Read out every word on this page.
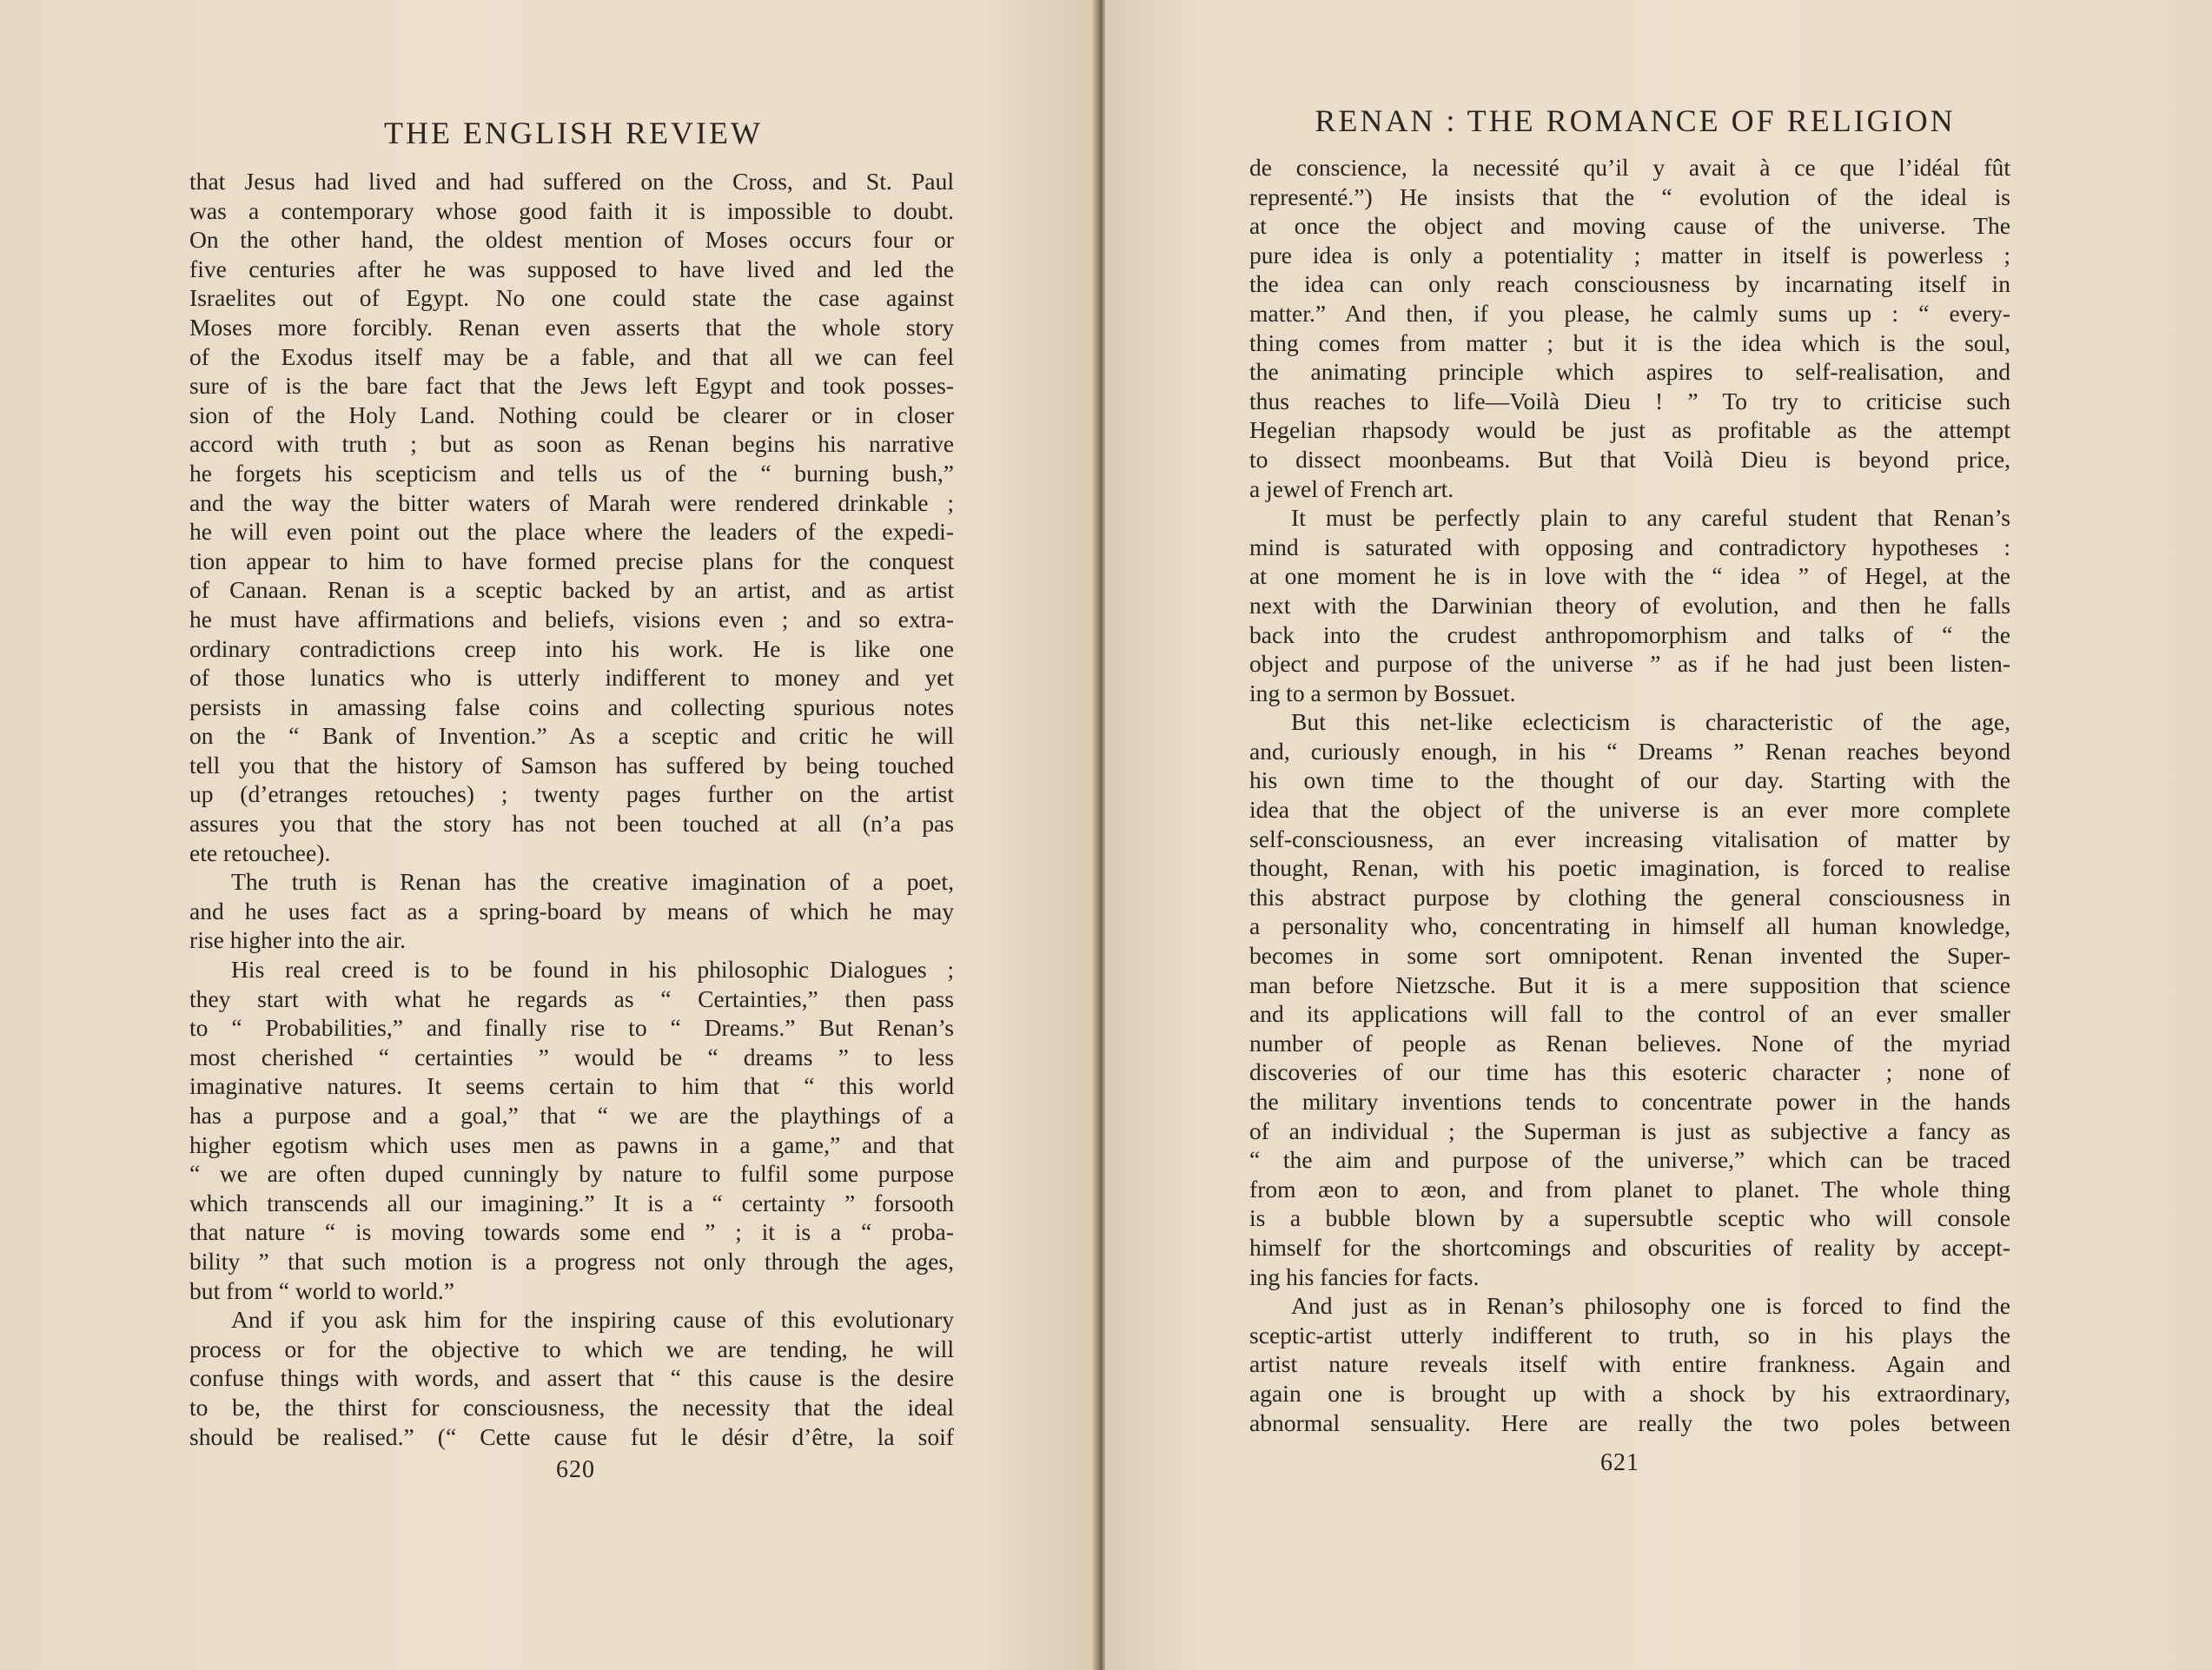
THE ENGLISH REVIEW
that Jesus had lived and had suffered on the Cross, and St. Paul
was a contemporary whose good faith it is impossible to doubt.
On the other hand, the oldest mention of Moses occurs four or
five centuries after he was supposed to have lived and led the
Israelites out of Egypt. No one could state the case against
Moses more forcibly. Renan even asserts that the whole story
of the Exodus itself may be a fable, and that all we can feel
sure of is the bare fact that the Jews left Egypt and took posses-
sion of the Holy Land. Nothing could be clearer or in closer
accord with truth ; but as soon as Renan begins his narrative
he forgets his scepticism and tells us of the “ burning bush,”
and the way the bitter waters of Marah were rendered drinkable ;
he will even point out the place where the leaders of the expedi-
tion appear to him to have formed precise plans for the conquest
of Canaan. Renan is a sceptic backed by an artist, and as artist
he must have affirmations and beliefs, visions even ; and so extra-
ordinary contradictions creep into his work. He is like one
of those lunatics who is utterly indifferent to money and yet
persists in amassing false coins and collecting spurious notes
on the “ Bank of Invention.” As a sceptic and critic he will
tell you that the history of Samson has suffered by being touched
up (d’etranges retouches) ; twenty pages further on the artist
assures you that the story has not been touched at all (n’a pas
ete retouchee).
The truth is Renan has the creative imagination of a poet,
and he uses fact as a spring-board by means of which he may
rise higher into the air.
His real creed is to be found in his philosophic Dialogues ;
they start with what he regards as “ Certainties,” then pass
to “ Probabilities,” and finally rise to “ Dreams.” But Renan’s
most cherished “ certainties ” would be “ dreams ” to less
imaginative natures. It seems certain to him that “ this world
has a purpose and a goal,” that “ we are the playthings of a
higher egotism which uses men as pawns in a game,” and that
“ we are often duped cunningly by nature to fulfil some purpose
which transcends all our imagining.” It is a “ certainty ” forsooth
that nature “ is moving towards some end ” ; it is a “ proba-
bility ” that such motion is a progress not only through the ages,
but from “ world to world.”
And if you ask him for the inspiring cause of this evolutionary
process or for the objective to which we are tending, he will
confuse things with words, and assert that “ this cause is the desire
to be, the thirst for consciousness, the necessity that the ideal
should be realised.” (“ Cette cause fut le désir d’être, la soif
620
RENAN : THE ROMANCE OF RELIGION
de conscience, la necessité qu’il y avait à ce que l’idéal fût
representé.”) He insists that the “ evolution of the ideal is
at once the object and moving cause of the universe. The
pure idea is only a potentiality ; matter in itself is powerless ;
the idea can only reach consciousness by incarnating itself in
matter.” And then, if you please, he calmly sums up : “ every-
thing comes from matter ; but it is the idea which is the soul,
the animating principle which aspires to self-realisation, and
thus reaches to life—Voilà Dieu ! ” To try to criticise such
Hegelian rhapsody would be just as profitable as the attempt
to dissect moonbeams. But that Voilà Dieu is beyond price,
a jewel of French art.
It must be perfectly plain to any careful student that Renan’s
mind is saturated with opposing and contradictory hypotheses :
at one moment he is in love with the “ idea ” of Hegel, at the
next with the Darwinian theory of evolution, and then he falls
back into the crudest anthropomorphism and talks of “ the
object and purpose of the universe ” as if he had just been listen-
ing to a sermon by Bossuet.
But this net-like eclecticism is characteristic of the age,
and, curiously enough, in his “ Dreams ” Renan reaches beyond
his own time to the thought of our day. Starting with the
idea that the object of the universe is an ever more complete
self-consciousness, an ever increasing vitalisation of matter by
thought, Renan, with his poetic imagination, is forced to realise
this abstract purpose by clothing the general consciousness in
a personality who, concentrating in himself all human knowledge,
becomes in some sort omnipotent. Renan invented the Super-
man before Nietzsche. But it is a mere supposition that science
and its applications will fall to the control of an ever smaller
number of people as Renan believes. None of the myriad
discoveries of our time has this esoteric character ; none of
the military inventions tends to concentrate power in the hands
of an individual ; the Superman is just as subjective a fancy as
“ the aim and purpose of the universe,” which can be traced
from æon to æon, and from planet to planet. The whole thing
is a bubble blown by a supersubtle sceptic who will console
himself for the shortcomings and obscurities of reality by accept-
ing his fancies for facts.
And just as in Renan’s philosophy one is forced to find the
sceptic-artist utterly indifferent to truth, so in his plays the
artist nature reveals itself with entire frankness. Again and
again one is brought up with a shock by his extraordinary,
abnormal sensuality. Here are really the two poles between
621
